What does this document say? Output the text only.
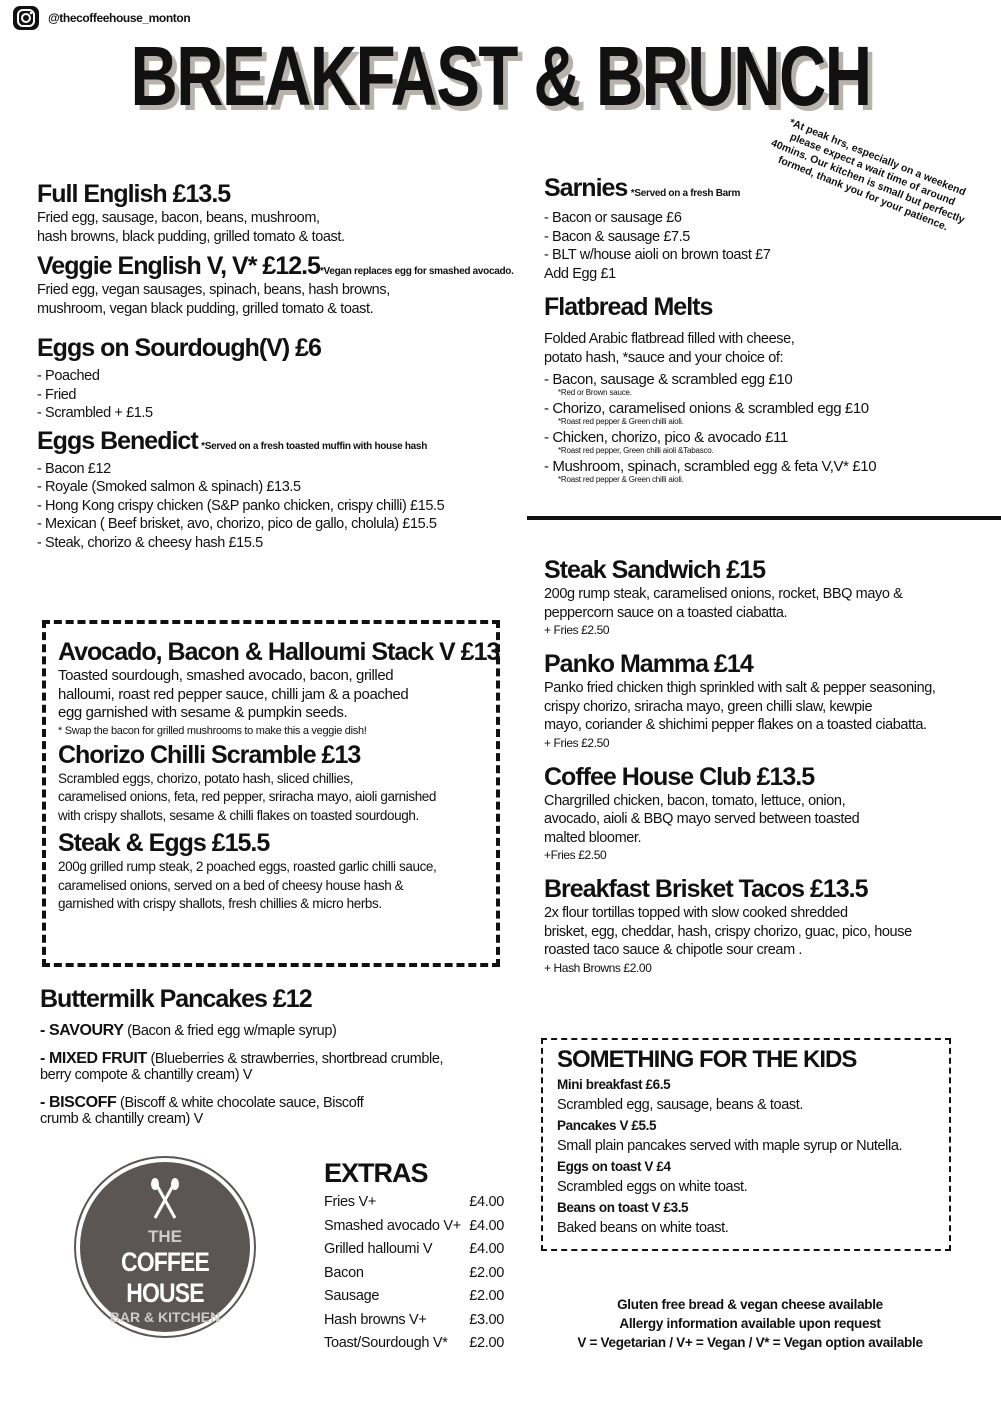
@thecoffeehouse_monton
BREAKFAST & BRUNCH
*At peak hrs, especially on a weekend please expect a wait time of around 40mins. Our kitchen is small but perfectly formed, thank you for your patience.
Full English £13.5
Fried egg, sausage, bacon, beans, mushroom,
hash browns, black pudding, grilled tomato & toast.
Veggie English V, V* £12.5*Vegan replaces egg for smashed avocado.
Fried egg, vegan sausages, spinach, beans, hash browns,
mushroom, vegan black pudding, grilled tomato & toast.
Eggs on Sourdough(V) £6
- Poached
- Fried
- Scrambled + £1.5
Eggs Benedict *Served on a fresh toasted muffin with house hash
- Bacon £12
- Royale (Smoked salmon & spinach) £13.5
- Hong Kong crispy chicken (S&P panko chicken, crispy chilli) £15.5
- Mexican ( Beef brisket, avo, chorizo, pico de gallo, cholula) £15.5
- Steak, chorizo & cheesy hash £15.5
Avocado, Bacon & Halloumi Stack V £13
Toasted sourdough, smashed avocado, bacon, grilled
halloumi, roast red pepper sauce, chilli jam & a poached
egg garnished with sesame & pumpkin seeds.
* Swap the bacon for grilled mushrooms to make this a veggie dish!
Chorizo Chilli Scramble £13
Scrambled eggs, chorizo, potato hash, sliced chillies,
caramelised onions, feta, red pepper, sriracha mayo, aioli garnished
with crispy shallots, sesame & chilli flakes on toasted sourdough.
Steak & Eggs £15.5
200g grilled rump steak, 2 poached eggs, roasted garlic chilli sauce,
caramelised onions, served on a bed of cheesy house hash &
garnished with crispy shallots, fresh chillies & micro herbs.
Buttermilk Pancakes £12
- SAVOURY (Bacon & fried egg w/maple syrup)
- MIXED FRUIT (Blueberries & strawberries, shortbread crumble,
berry compote & chantilly cream) V
- BISCOFF (Biscoff & white chocolate sauce, Biscoff
crumb & chantilly cream) V
THE
COFFEE HOUSE
BAR & KITCHEN
· MONTON ·
EXTRAS
Fries V+	£4.00
Smashed avocado V+ £4.00
Grilled halloumi V	£4.00
Bacon	£2.00
Sausage	£2.00
Hash browns V+	£3.00
Toast/Sourdough V* £2.00
Sarnies *Served on a fresh Barm
- Bacon or sausage £6
- Bacon & sausage £7.5
- BLT w/house aioli on brown toast £7
Add Egg £1
Flatbread Melts
Folded Arabic flatbread filled with cheese,
potato hash, *sauce and your choice of:
- Bacon, sausage & scrambled egg £10
*Red or Brown sauce.
- Chorizo, caramelised onions & scrambled egg £10
*Roast red pepper & Green chilli aioli.
- Chicken, chorizo, pico & avocado £11
*Roast red pepper, Green chilli aioli &Tabasco.
- Mushroom, spinach, scrambled egg & feta V,V* £10
*Roast red pepper & Green chilli aioli.
Steak Sandwich £15
200g rump steak, caramelised onions, rocket, BBQ mayo &
peppercorn sauce on a toasted ciabatta.
+ Fries £2.50
Panko Mamma £14
Panko fried chicken thigh sprinkled with salt & pepper seasoning,
crispy chorizo, sriracha mayo, green chilli slaw, kewpie
mayo, coriander & shichimi pepper flakes on a toasted ciabatta.
+ Fries £2.50
Coffee House Club £13.5
Chargrilled chicken, bacon, tomato, lettuce, onion,
avocado, aioli & BBQ mayo served between toasted
malted bloomer.
+Fries £2.50
Breakfast Brisket Tacos £13.5
2x flour tortillas topped with slow cooked shredded
brisket, egg, cheddar, hash, crispy chorizo, guac, pico, house
roasted taco sauce & chipotle sour cream .
+ Hash Browns £2.00
SOMETHING FOR THE KIDS
Mini breakfast £6.5
Scrambled egg, sausage, beans & toast.
Pancakes V £5.5
Small plain pancakes served with maple syrup or Nutella.
Eggs on toast V £4
Scrambled eggs on white toast.
Beans on toast V £3.5
Baked beans on white toast.
Gluten free bread & vegan cheese available
Allergy information available upon request
V = Vegetarian / V+ = Vegan / V* = Vegan option available
